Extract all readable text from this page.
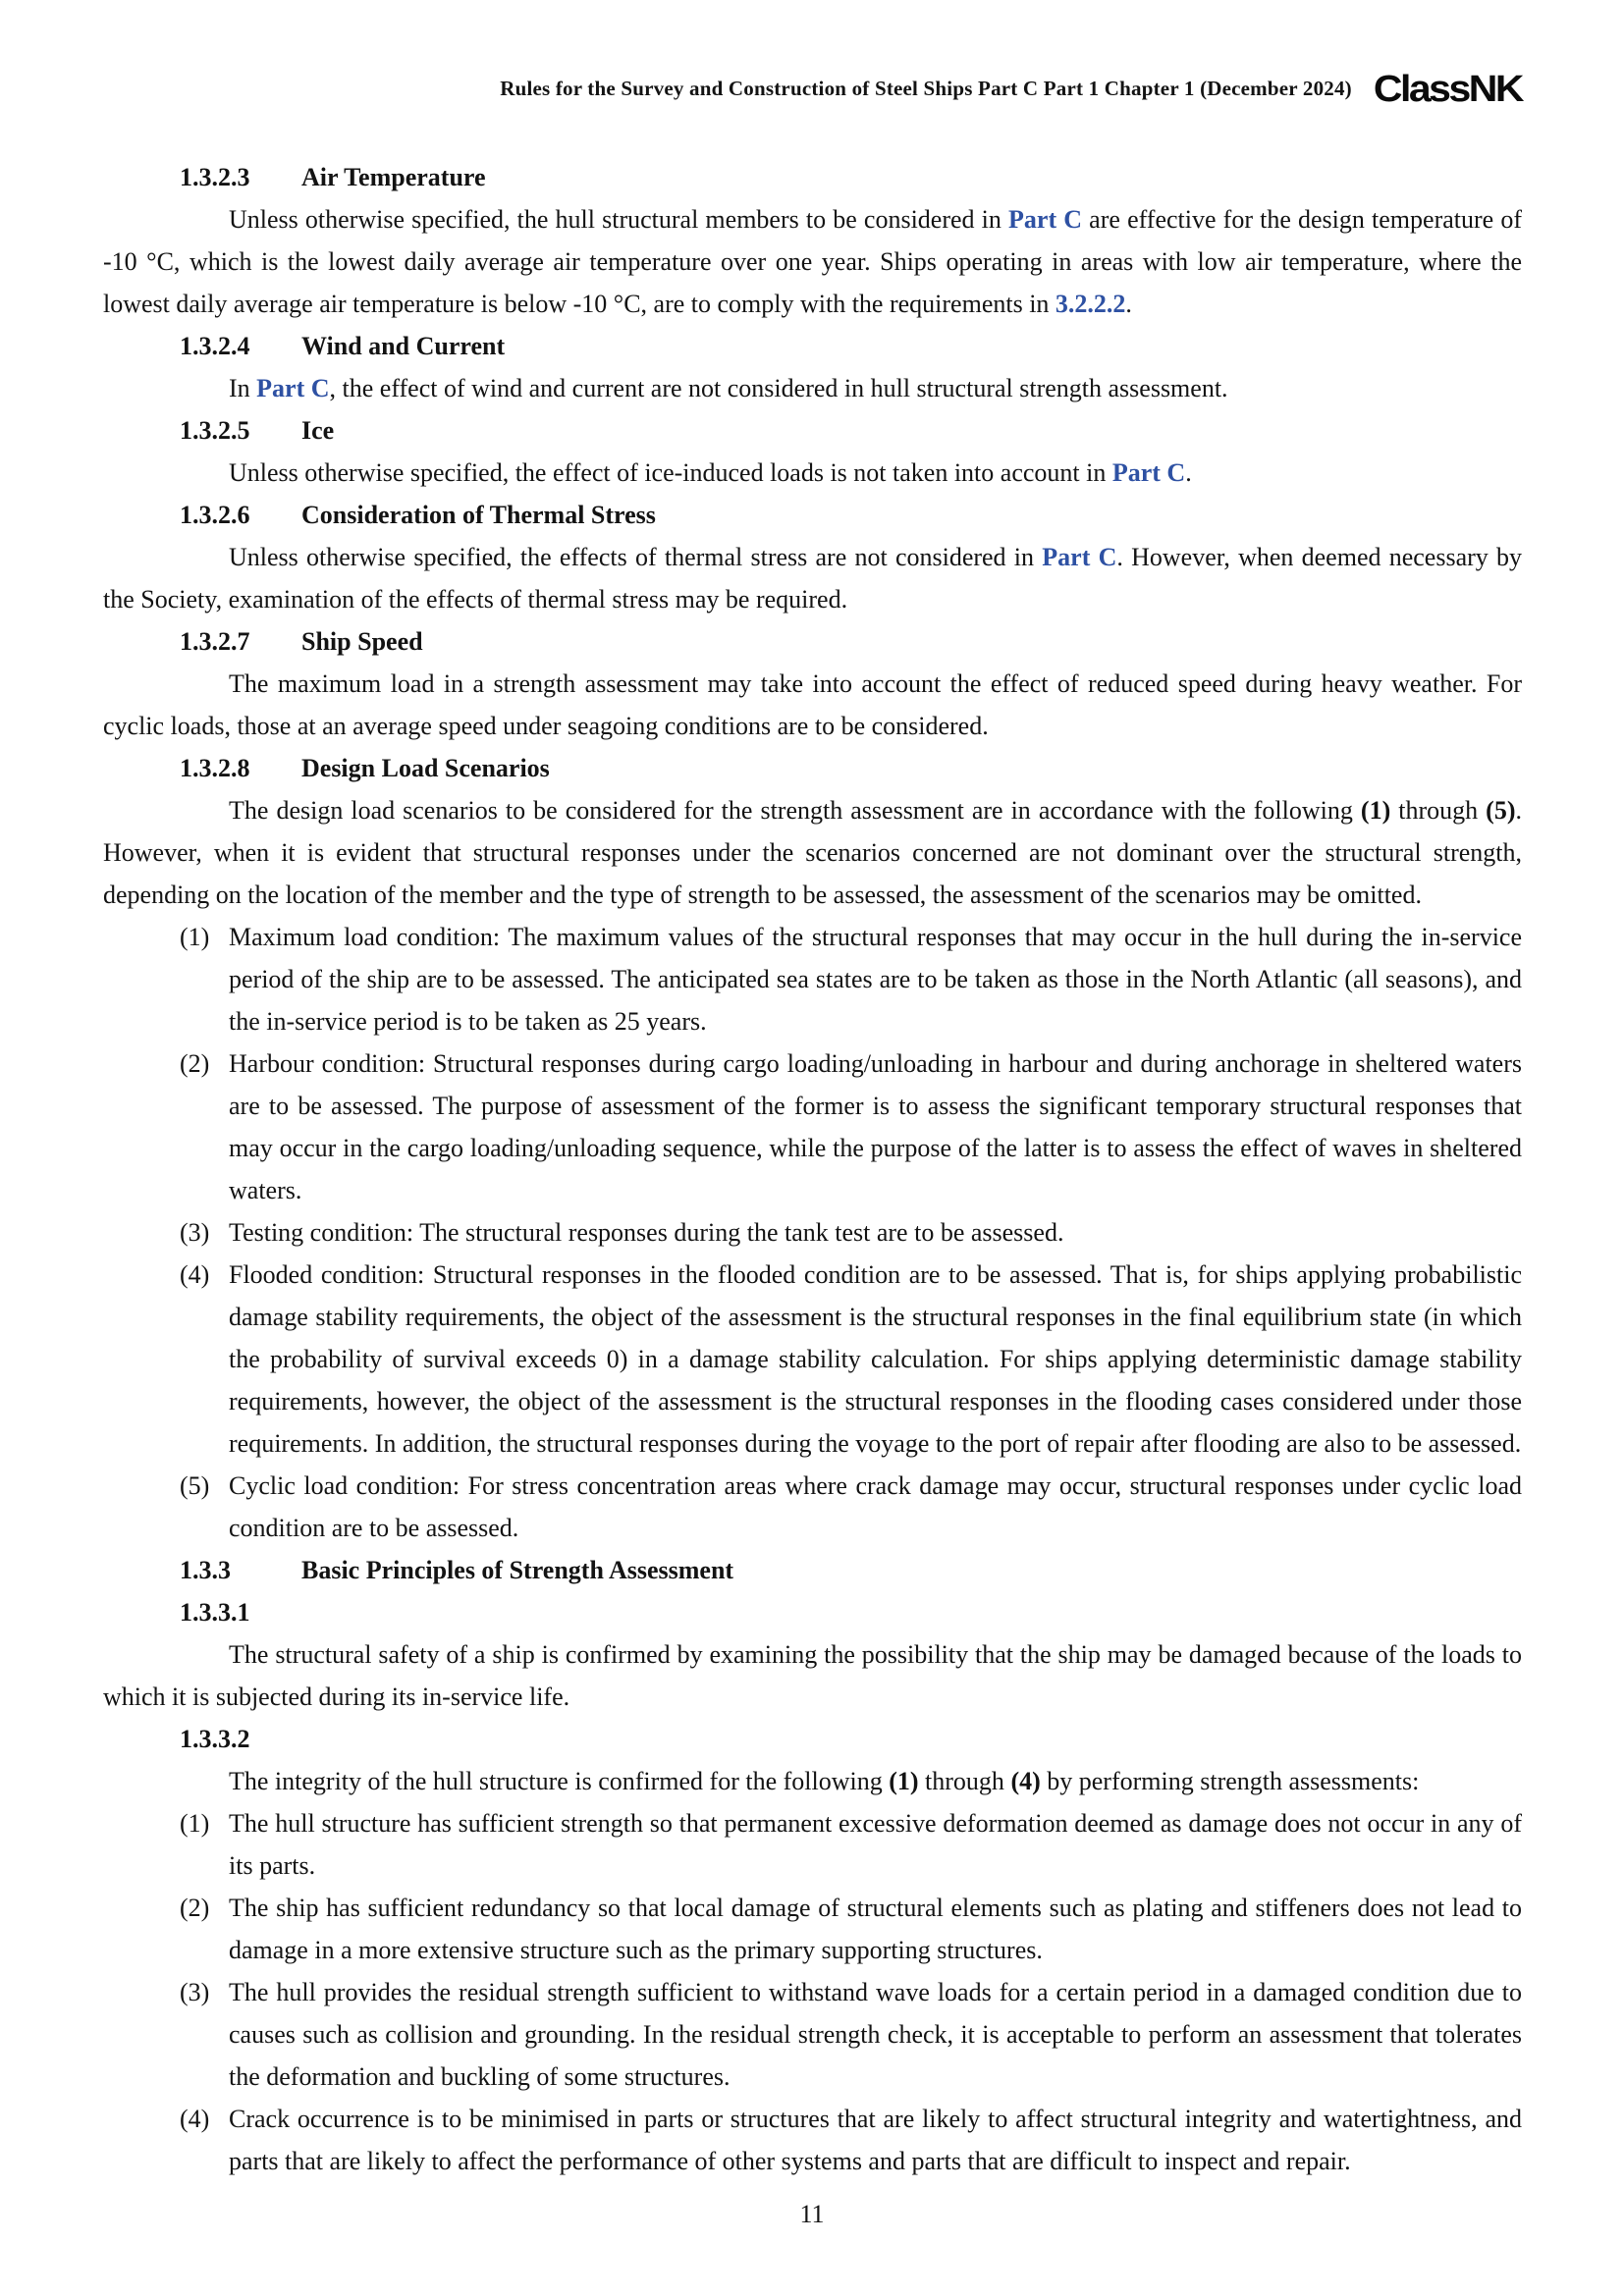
Rules for the Survey and Construction of Steel Ships Part C Part 1 Chapter 1 (December 2024) ClassNK
1.3.2.3 Air Temperature

Unless otherwise specified, the hull structural members to be considered in Part C are effective for the design temperature of -10 °C, which is the lowest daily average air temperature over one year. Ships operating in areas with low air temperature, where the lowest daily average air temperature is below -10 °C, are to comply with the requirements in 3.2.2.2.

1.3.2.4 Wind and Current

In Part C, the effect of wind and current are not considered in hull structural strength assessment.

1.3.2.5 Ice

Unless otherwise specified, the effect of ice-induced loads is not taken into account in Part C.

1.3.2.6 Consideration of Thermal Stress

Unless otherwise specified, the effects of thermal stress are not considered in Part C. However, when deemed necessary by the Society, examination of the effects of thermal stress may be required.

1.3.2.7 Ship Speed

The maximum load in a strength assessment may take into account the effect of reduced speed during heavy weather. For cyclic loads, those at an average speed under seagoing conditions are to be considered.

1.3.2.8 Design Load Scenarios

The design load scenarios to be considered for the strength assessment are in accordance with the following (1) through (5). However, when it is evident that structural responses under the scenarios concerned are not dominant over the structural strength, depending on the location of the member and the type of strength to be assessed, the assessment of the scenarios may be omitted.

(1) Maximum load condition: The maximum values of the structural responses that may occur in the hull during the in-service period of the ship are to be assessed. The anticipated sea states are to be taken as those in the North Atlantic (all seasons), and the in-service period is to be taken as 25 years.
(2) Harbour condition: Structural responses during cargo loading/unloading in harbour and during anchorage in sheltered waters are to be assessed. The purpose of assessment of the former is to assess the significant temporary structural responses that may occur in the cargo loading/unloading sequence, while the purpose of the latter is to assess the effect of waves in sheltered waters.
(3) Testing condition: The structural responses during the tank test are to be assessed.
(4) Flooded condition: Structural responses in the flooded condition are to be assessed. That is, for ships applying probabilistic damage stability requirements, the object of the assessment is the structural responses in the final equilibrium state (in which the probability of survival exceeds 0) in a damage stability calculation. For ships applying deterministic damage stability requirements, however, the object of the assessment is the structural responses in the flooding cases considered under those requirements. In addition, the structural responses during the voyage to the port of repair after flooding are also to be assessed.
(5) Cyclic load condition: For stress concentration areas where crack damage may occur, structural responses under cyclic load condition are to be assessed.
1.3.3	Basic Principles of Strength Assessment
1.3.3.1

The structural safety of a ship is confirmed by examining the possibility that the ship may be damaged because of the loads to which it is subjected during its in-service life.

1.3.3.2

The integrity of the hull structure is confirmed for the following (1) through (4) by performing strength assessments:

(1) The hull structure has sufficient strength so that permanent excessive deformation deemed as damage does not occur in any of its parts.
(2) The ship has sufficient redundancy so that local damage of structural elements such as plating and stiffeners does not lead to damage in a more extensive structure such as the primary supporting structures.
(3) The hull provides the residual strength sufficient to withstand wave loads for a certain period in a damaged condition due to causes such as collision and grounding. In the residual strength check, it is acceptable to perform an assessment that tolerates the deformation and buckling of some structures.
(4) Crack occurrence is to be minimised in parts or structures that are likely to affect structural integrity and watertightness, and parts that are likely to affect the performance of other systems and parts that are difficult to inspect and repair.
11
